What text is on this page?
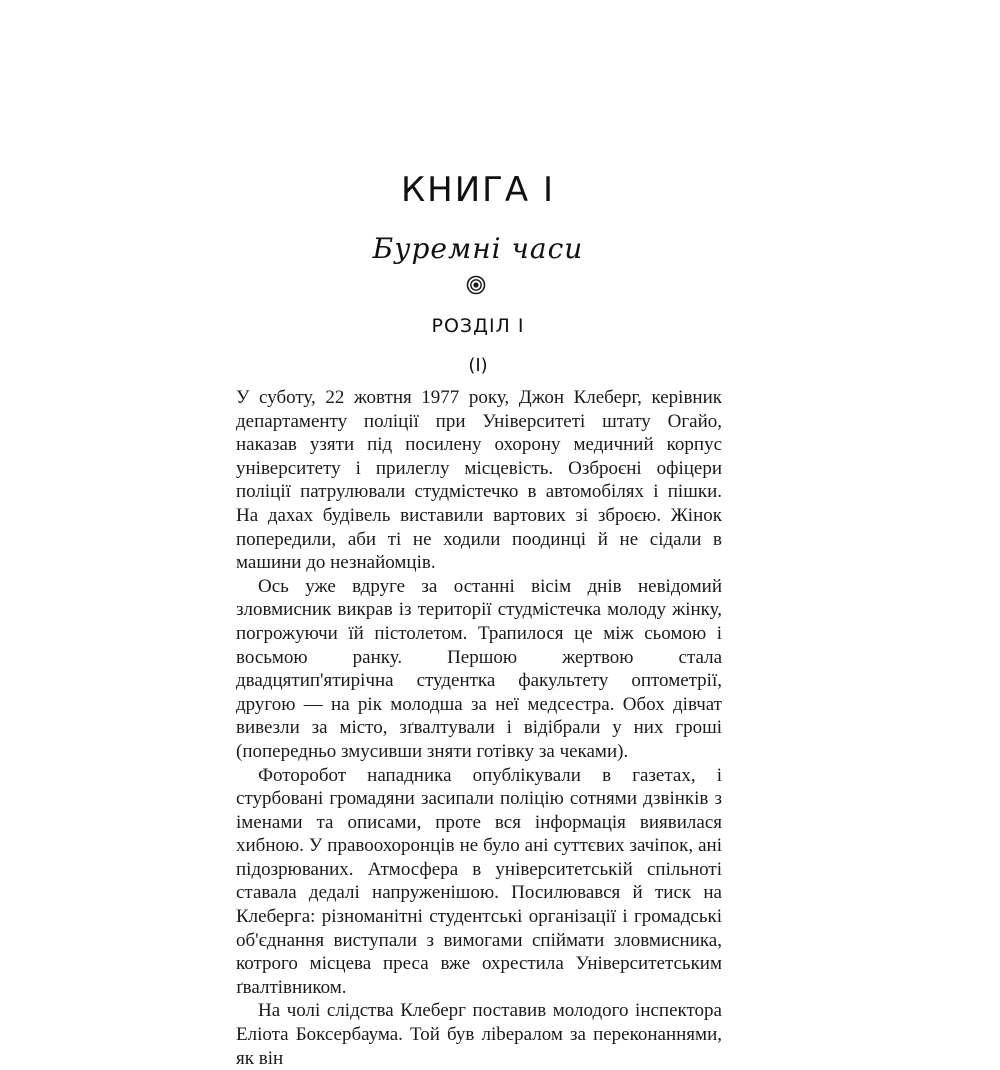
КНИГА I
Буремні часи
РОЗДІЛ I
(I)

У суботу, 22 жовтня 1977 року, Джон Клеберг, керівник департаменту поліції при Університеті штату Огайо, наказав узяти під посилену охорону медичний корпус університету і прилеглу місцевість. Озброєні офіцери поліції патрулювали студмістечко в автомобілях і пішки. На дахах будівель виставили вартових зі зброєю. Жінок попередили, аби ті не ходили поодинці й не сідали в машини до незнайомців.

Ось уже вдруге за останні вісім днів невідомий зловмисник викрав із території студмістечка молоду жінку, погрожуючи їй пістолетом. Трапилося це між сьомою і восьмою ранку. Першою жертвою стала двадцятип'ятирічна студентка факультету оптометрії, другою — на рік молодша за неї медсестра. Обох дівчат вивезли за місто, зґвалтували і відібрали у них гроші (попередньо змусивши зняти готівку за чеками).

Фоторобот нападника опублікували в газетах, і стурбовані громадяни засипали поліцію сотнями дзвінків з іменами та описами, проте вся інформація виявилася хибною. У правоохоронців не було ані суттєвих зачіпок, ані підозрюваних. Атмосфера в університетській спільноті ставала дедалі напруженішою. Посилювався й тиск на Клеберга: різноманітні студентські організації і громадські об'єднання виступали з вимогами спіймати зловмисника, котрого місцева преса вже охрестила Університетським ґвалтівником.

На чолі слідства Клеберг поставив молодого інспектора Еліота Боксербаума. Той був ліbeралом за переконаннями, як він
